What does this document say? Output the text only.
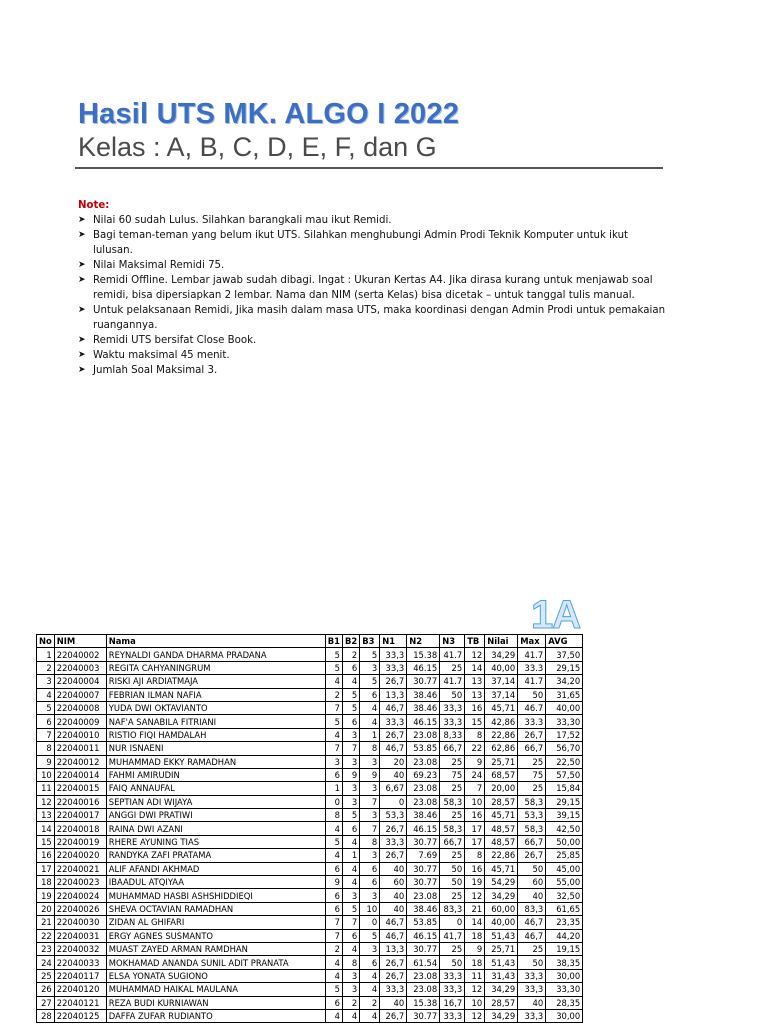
Hasil UTS MK. ALGO I 2022
Kelas : A, B, C, D, E, F, dan G
Note:
➤ Nilai 60 sudah Lulus. Silahkan barangkali mau ikut Remidi.
➤ Bagi teman-teman yang belum ikut UTS. Silahkan menghubungi Admin Prodi Teknik Komputer untuk ikut lulusan.
➤ Nilai Maksimal Remidi 75.
➤ Remidi Offline. Lembar jawab sudah dibagi. Ingat : Ukuran Kertas A4. Jika dirasa kurang untuk menjawab soal remidi, bisa dipersiapkan 2 lembar. Nama dan NIM (serta Kelas) bisa dicetak – untuk tanggal tulis manual.
➤ Untuk pelaksanaan Remidi, Jika masih dalam masa UTS, maka koordinasi dengan Admin Prodi untuk pemakaian ruangannya.
➤ Remidi UTS bersifat Close Book.
➤ Waktu maksimal 45 menit.
➤ Jumlah Soal Maksimal 3.
1A
No	NIM	Nama	B1	B2	B3	N1	N2	N3	TB	Nilai	Max	AVG
1	22040002	REYNALDI GANDA DHARMA PRADANA	5	2	5	33,3	15.38	41.7	12	34,29	41.7	37,50
2	22040003	REGITA CAHYANINGRUM	5	6	3	33,3	46.15	25	14	40,00	33.3	29,15
3	22040004	RISKI AJI ARDIATMAJA	4	4	5	26,7	30.77	41.7	13	37,14	41.7	34,20
4	22040007	FEBRIAN ILMAN NAFIA	2	5	6	13,3	38.46	50	13	37,14	50	31,65
5	22040008	YUDA DWI OKTAVIANTO	7	5	4	46,7	38.46	33,3	16	45,71	46.7	40,00
6	22040009	NAF'A SANABILA FITRIANI	5	6	4	33,3	46.15	33,3	15	42,86	33.3	33,30
7	22040010	RISTIO FIQI HAMDALAH	4	3	1	26,7	23.08	8,33	8	22,86	26,7	17,52
8	22040011	NUR ISNAENI	7	7	8	46,7	53.85	66,7	22	62,86	66,7	56,70
9	22040012	MUHAMMAD EKKY RAMADHAN	3	3	3	20	23.08	25	9	25,71	25	22,50
10	22040014	FAHMI AMIRUDIN	6	9	9	40	69.23	75	24	68,57	75	57,50
11	22040015	FAIQ ANNAUFAL	1	3	3	6,67	23.08	25	7	20,00	25	15,84
12	22040016	SEPTIAN ADI WIJAYA	0	3	7	0	23.08	58,3	10	28,57	58,3	29,15
13	22040017	ANGGI DWI PRATIWI	8	5	3	53,3	38.46	25	16	45,71	53,3	39,15
14	22040018	RAINA DWI AZANI	4	6	7	26,7	46.15	58,3	17	48,57	58,3	42,50
15	22040019	RHERE AYUNING TIAS	5	4	8	33,3	30.77	66,7	17	48,57	66,7	50,00
16	22040020	RANDYKA ZAFI PRATAMA	4	1	3	26,7	7.69	25	8	22,86	26,7	25,85
17	22040021	ALIF AFANDI AKHMAD	6	4	6	40	30.77	50	16	45,71	50	45,00
18	22040023	IBAADUL ATQIYAA	9	4	6	60	30.77	50	19	54,29	60	55,00
19	22040024	MUHAMMAD HASBI ASHSHIDDIEQI	6	3	3	40	23.08	25	12	34,29	40	32,50
20	22040026	SHEVA OCTAVIAN RAMADHAN	6	5	10	40	38.46	83,3	21	60,00	83,3	61,65
21	22040030	ZIDAN AL GHIFARI	7	7	0	46,7	53.85	0	14	40,00	46,7	23,35
22	22040031	ERGY AGNES SUSMANTO	7	6	5	46,7	46.15	41,7	18	51,43	46,7	44,20
23	22040032	MUAST ZAYED ARMAN RAMDHAN	2	4	3	13,3	30.77	25	9	25,71	25	19,15
24	22040033	MOKHAMAD ANANDA SUNIL ADIT PRANATA	4	8	6	26,7	61.54	50	18	51,43	50	38,35
25	22040117	ELSA YONATA SUGIONO	4	3	4	26,7	23.08	33,3	11	31,43	33,3	30,00
26	22040120	MUHAMMAD HAIKAL MAULANA	5	3	4	33,3	23.08	33,3	12	34,29	33,3	33,30
27	22040121	REZA BUDI KURNIAWAN	6	2	2	40	15.38	16,7	10	28,57	40	28,35
28	22040125	DAFFA ZUFAR RUDIANTO	4	4	4	26,7	30.77	33,3	12	34,29	33,3	30,00
